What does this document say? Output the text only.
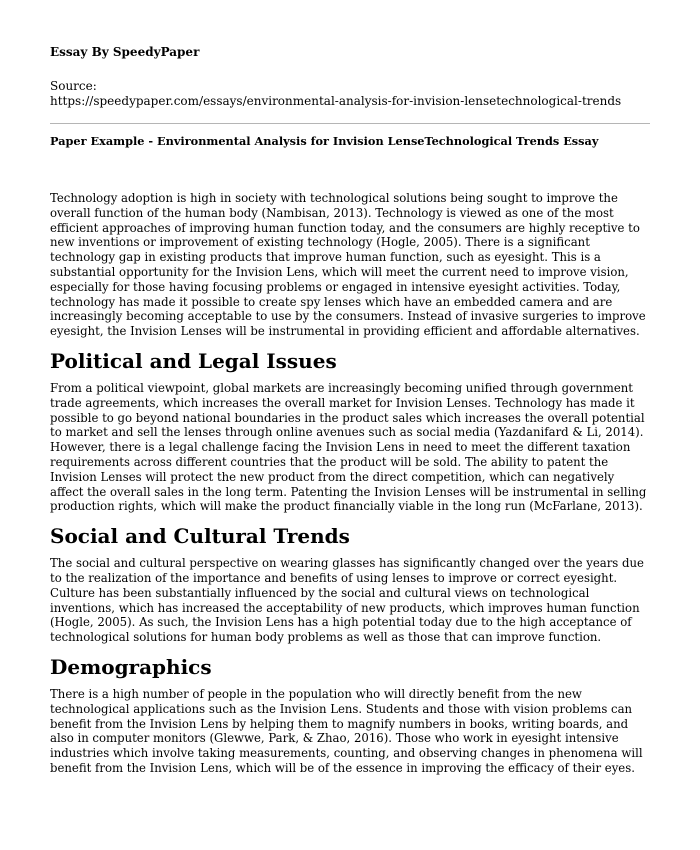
Essay By SpeedyPaper
Source:
https://speedypaper.com/essays/environmental-analysis-for-invision-lensetechnological-trends
Paper Example - Environmental Analysis for Invision LenseTechnological Trends Essay

Technology adoption is high in society with technological solutions being sought to improve the overall function of the human body (Nambisan, 2013). Technology is viewed as one of the most efficient approaches of improving human function today, and the consumers are highly receptive to new inventions or improvement of existing technology (Hogle, 2005). There is a significant technology gap in existing products that improve human function, such as eyesight. This is a substantial opportunity for the Invision Lens, which will meet the current need to improve vision, especially for those having focusing problems or engaged in intensive eyesight activities. Today, technology has made it possible to create spy lenses which have an embedded camera and are increasingly becoming acceptable to use by the consumers. Instead of invasive surgeries to improve eyesight, the Invision Lenses will be instrumental in providing efficient and affordable alternatives.

Political and Legal Issues

From a political viewpoint, global markets are increasingly becoming unified through government trade agreements, which increases the overall market for Invision Lenses. Technology has made it possible to go beyond national boundaries in the product sales which increases the overall potential to market and sell the lenses through online avenues such as social media (Yazdanifard & Li, 2014). However, there is a legal challenge facing the Invision Lens in need to meet the different taxation requirements across different countries that the product will be sold. The ability to patent the Invision Lenses will protect the new product from the direct competition, which can negatively affect the overall sales in the long term. Patenting the Invision Lenses will be instrumental in selling production rights, which will make the product financially viable in the long run (McFarlane, 2013).

Social and Cultural Trends

The social and cultural perspective on wearing glasses has significantly changed over the years due to the realization of the importance and benefits of using lenses to improve or correct eyesight. Culture has been substantially influenced by the social and cultural views on technological inventions, which has increased the acceptability of new products, which improves human function (Hogle, 2005). As such, the Invision Lens has a high potential today due to the high acceptance of technological solutions for human body problems as well as those that can improve function.

Demographics

There is a high number of people in the population who will directly benefit from the new technological applications such as the Invision Lens. Students and those with vision problems can benefit from the Invision Lens by helping them to magnify numbers in books, writing boards, and also in computer monitors (Glewwe, Park, & Zhao, 2016). Those who work in eyesight intensive industries which involve taking measurements, counting, and observing changes in phenomena will benefit from the Invision Lens, which will be of the essence in improving the efficacy of their eyes.
